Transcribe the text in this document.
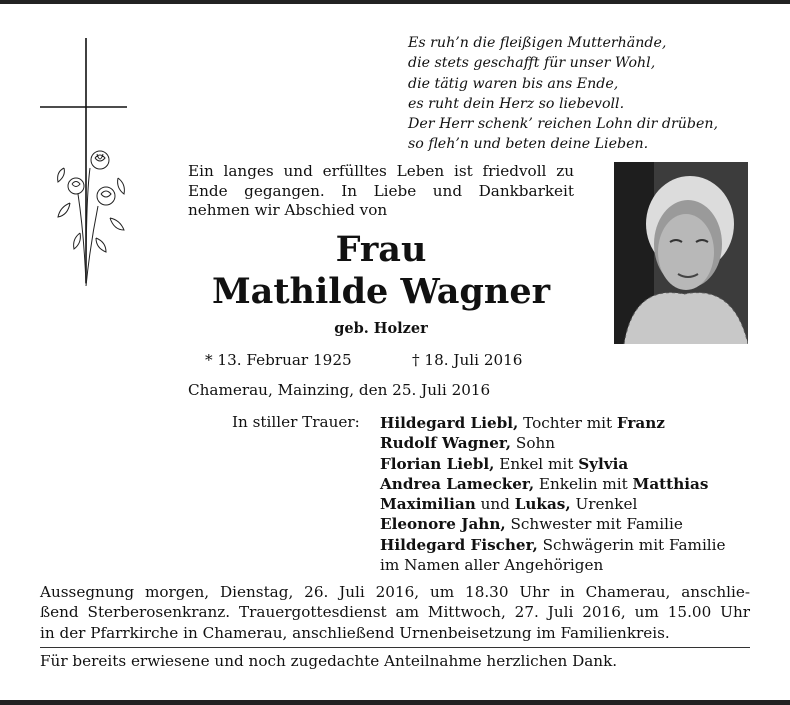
Es ruh’n die fleißigen Mutterhände,
die stets geschafft für unser Wohl,
die tätig waren bis ans Ende,
es ruht dein Herz so liebevoll.
Der Herr schenk’ reichen Lohn dir drüben,
so fleh’n und beten deine Lieben.
Ein langes und erfülltes Leben ist friedvoll zu
Ende gegangen. In Liebe und Dankbarkeit
nehmen wir Abschied von
Frau
Mathilde Wagner
geb. Holzer
* 13. Februar 1925	† 18. Juli 2016
Chamerau, Mainzing, den 25. Juli 2016
In stiller Trauer: Hildegard Liebl, Tochter mit Franz
Rudolf Wagner, Sohn
Florian Liebl, Enkel mit Sylvia
Andrea Lamecker, Enkelin mit Matthias
Maximilian und Lukas, Urenkel
Eleonore Jahn, Schwester mit Familie
Hildegard Fischer, Schwägerin mit Familie
im Namen aller Angehörigen
Aussegnung morgen, Dienstag, 26. Juli 2016, um 18.30 Uhr in Chamerau, anschlie-
ßend Sterberosenkranz. Trauergottesdienst am Mittwoch, 27. Juli 2016, um 15.00 Uhr
in der Pfarrkirche in Chamerau, anschließend Urnenbeisetzung im Familienkreis.
Für bereits erwiesene und noch zugedachte Anteilnahme herzlichen Dank.
